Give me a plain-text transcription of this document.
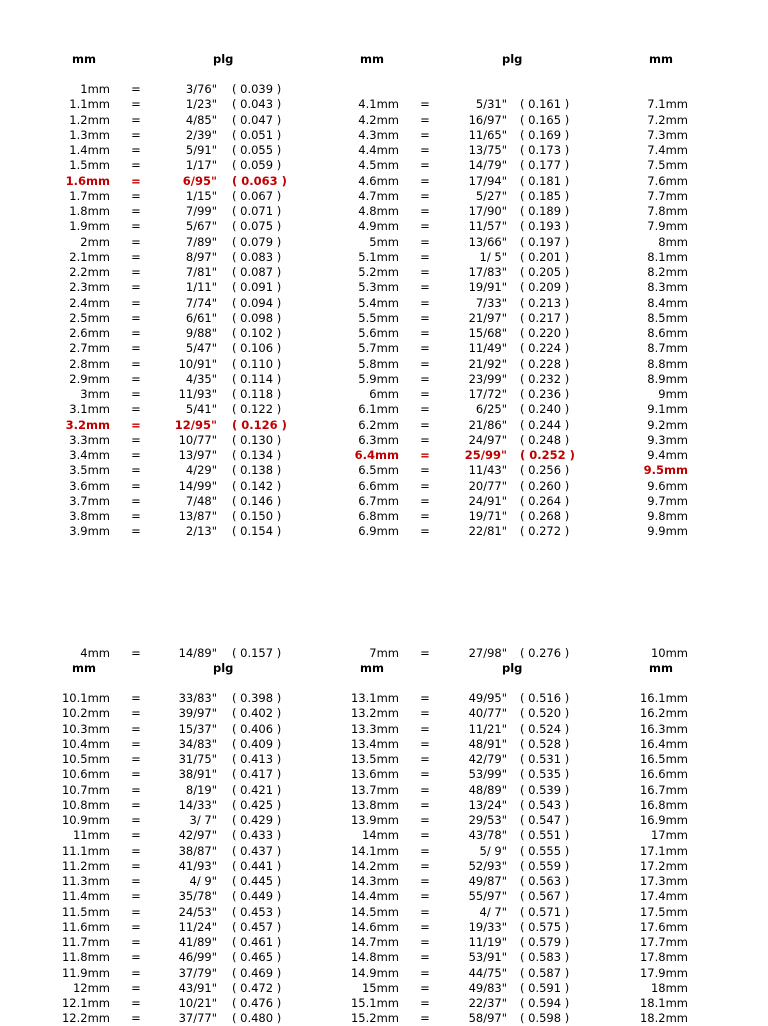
mm	plg	mm	plg	mm
mm	plg	mm	plg	mm
1mm =	3/76" ( 0.039 )
1.1mm =	1/23" ( 0.043 )	4.1mm =	5/31" ( 0.161 )	7.1mm
1.2mm =	4/85" ( 0.047 )	4.2mm =	16/97" ( 0.165 )	7.2mm
1.3mm =	2/39" ( 0.051 )	4.3mm =	11/65" ( 0.169 )	7.3mm
1.4mm =	5/91" ( 0.055 )	4.4mm =	13/75" ( 0.173 )	7.4mm
1.5mm =	1/17" ( 0.059 )	4.5mm =	14/79" ( 0.177 )	7.5mm
1.6mm =	6/95" ( 0.063 )	4.6mm =	17/94" ( 0.181 )	7.6mm
1.7mm =	1/15" ( 0.067 )	4.7mm =	5/27" ( 0.185 )	7.7mm
1.8mm =	7/99" ( 0.071 )	4.8mm =	17/90" ( 0.189 )	7.8mm
1.9mm =	5/67" ( 0.075 )	4.9mm =	11/57" ( 0.193 )	7.9mm
2mm =	7/89" ( 0.079 )	5mm =	13/66" ( 0.197 )	8mm
2.1mm =	8/97" ( 0.083 )	5.1mm =	1/ 5" ( 0.201 )	8.1mm
2.2mm =	7/81" ( 0.087 )	5.2mm =	17/83" ( 0.205 )	8.2mm
2.3mm =	1/11" ( 0.091 )	5.3mm =	19/91" ( 0.209 )	8.3mm
2.4mm =	7/74" ( 0.094 )	5.4mm =	7/33" ( 0.213 )	8.4mm
2.5mm =	6/61" ( 0.098 )	5.5mm =	21/97" ( 0.217 )	8.5mm
2.6mm =	9/88" ( 0.102 )	5.6mm =	15/68" ( 0.220 )	8.6mm
2.7mm =	5/47" ( 0.106 )	5.7mm =	11/49" ( 0.224 )	8.7mm
2.8mm =	10/91" ( 0.110 )	5.8mm =	21/92" ( 0.228 )	8.8mm
2.9mm =	4/35" ( 0.114 )	5.9mm =	23/99" ( 0.232 )	8.9mm
3mm =	11/93" ( 0.118 )	6mm =	17/72" ( 0.236 )	9mm
3.1mm =	5/41" ( 0.122 )	6.1mm =	6/25" ( 0.240 )	9.1mm
3.2mm =	12/95" ( 0.126 )	6.2mm =	21/86" ( 0.244 )	9.2mm
3.3mm =	10/77" ( 0.130 )	6.3mm =	24/97" ( 0.248 )	9.3mm
3.4mm =	13/97" ( 0.134 )	6.4mm =	25/99" ( 0.252 )	9.4mm
3.5mm =	4/29" ( 0.138 )	6.5mm =	11/43" ( 0.256 )	9.5mm
3.6mm =	14/99" ( 0.142 )	6.6mm =	20/77" ( 0.260 )	9.6mm
3.7mm =	7/48" ( 0.146 )	6.7mm =	24/91" ( 0.264 )	9.7mm
3.8mm =	13/87" ( 0.150 )	6.8mm =	19/71" ( 0.268 )	9.8mm
3.9mm =	2/13" ( 0.154 )	6.9mm =	22/81" ( 0.272 )	9.9mm
4mm =	14/89" ( 0.157 )	7mm =	27/98" ( 0.276 )	10mm
10.1mm =	33/83" ( 0.398 )	13.1mm =	49/95" ( 0.516 )	16.1mm
10.2mm =	39/97" ( 0.402 )	13.2mm =	40/77" ( 0.520 )	16.2mm
10.3mm =	15/37" ( 0.406 )	13.3mm =	11/21" ( 0.524 )	16.3mm
10.4mm =	34/83" ( 0.409 )	13.4mm =	48/91" ( 0.528 )	16.4mm
10.5mm =	31/75" ( 0.413 )	13.5mm =	42/79" ( 0.531 )	16.5mm
10.6mm =	38/91" ( 0.417 )	13.6mm =	53/99" ( 0.535 )	16.6mm
10.7mm =	8/19" ( 0.421 )	13.7mm =	48/89" ( 0.539 )	16.7mm
10.8mm =	14/33" ( 0.425 )	13.8mm =	13/24" ( 0.543 )	16.8mm
10.9mm =	3/ 7" ( 0.429 )	13.9mm =	29/53" ( 0.547 )	16.9mm
11mm =	42/97" ( 0.433 )	14mm =	43/78" ( 0.551 )	17mm
11.1mm =	38/87" ( 0.437 )	14.1mm =	5/ 9" ( 0.555 )	17.1mm
11.2mm =	41/93" ( 0.441 )	14.2mm =	52/93" ( 0.559 )	17.2mm
11.3mm =	4/ 9" ( 0.445 )	14.3mm =	49/87" ( 0.563 )	17.3mm
11.4mm =	35/78" ( 0.449 )	14.4mm =	55/97" ( 0.567 )	17.4mm
11.5mm =	24/53" ( 0.453 )	14.5mm =	4/ 7" ( 0.571 )	17.5mm
11.6mm =	11/24" ( 0.457 )	14.6mm =	19/33" ( 0.575 )	17.6mm
11.7mm =	41/89" ( 0.461 )	14.7mm =	11/19" ( 0.579 )	17.7mm
11.8mm =	46/99" ( 0.465 )	14.8mm =	53/91" ( 0.583 )	17.8mm
11.9mm =	37/79" ( 0.469 )	14.9mm =	44/75" ( 0.587 )	17.9mm
12mm =	43/91" ( 0.472 )	15mm =	49/83" ( 0.591 )	18mm
12.1mm =	10/21" ( 0.476 )	15.1mm =	22/37" ( 0.594 )	18.1mm
12.2mm =	37/77" ( 0.480 )	15.2mm =	58/97" ( 0.598 )	18.2mm
